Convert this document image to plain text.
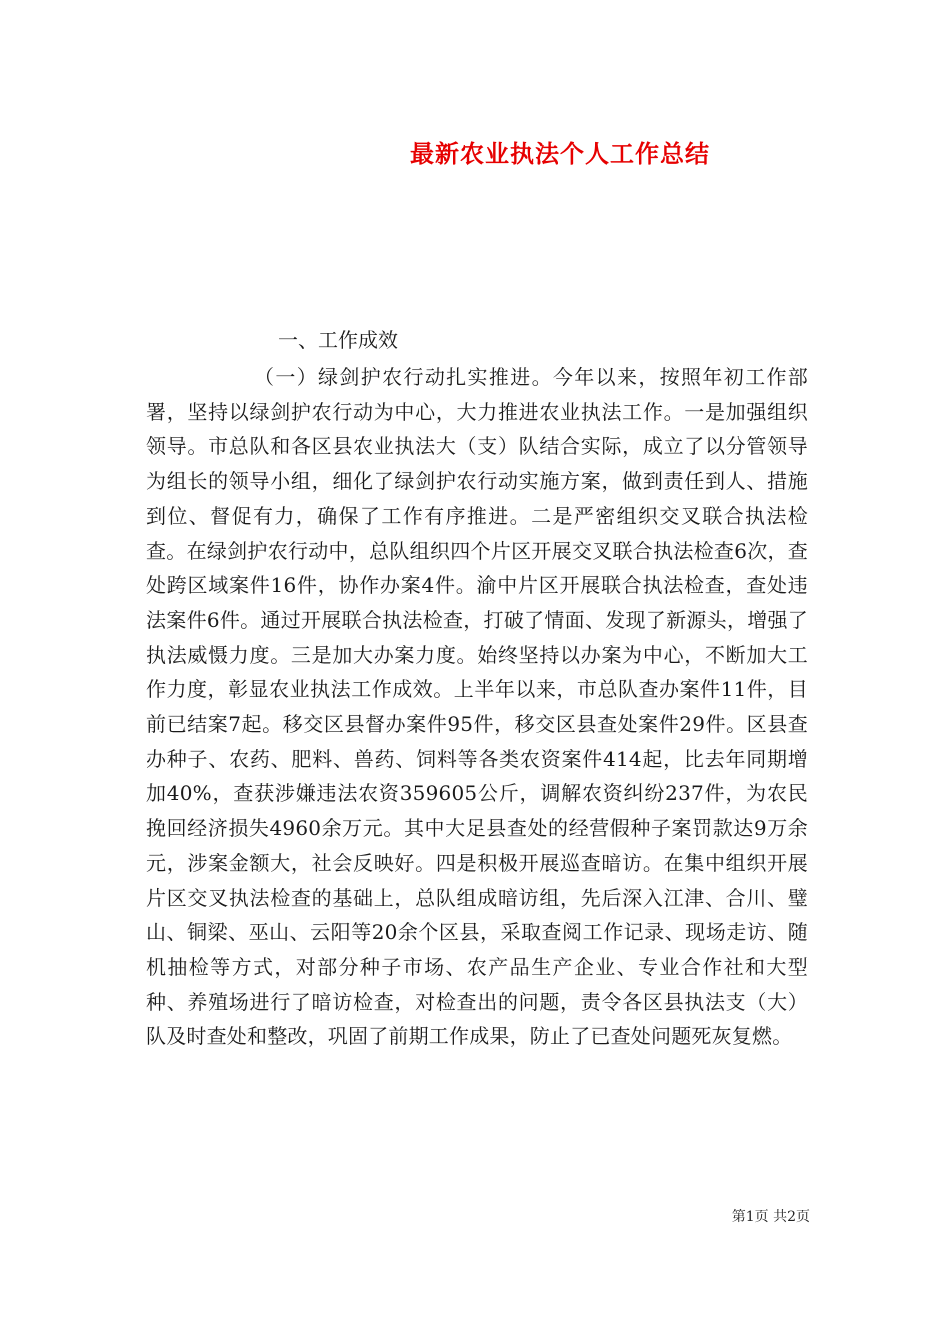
最新农业执法个人工作总结
一、工作成效

（一）绿剑护农行动扎实推进。今年以来，按照年初工作部署，坚持以绿剑护农行动为中心，大力推进农业执法工作。一是加强组织领导。市总队和各区县农业执法大（支）队结合实际，成立了以分管领导为组长的领导小组，细化了绿剑护农行动实施方案，做到责任到人、措施到位、督促有力，确保了工作有序推进。二是严密组织交叉联合执法检查。在绿剑护农行动中，总队组织四个片区开展交叉联合执法检查6次，查处跨区域案件16件，协作办案4件。渝中片区开展联合执法检查，查处违法案件6件。通过开展联合执法检查，打破了情面、发现了新源头，增强了执法威慑力度。三是加大办案力度。始终坚持以办案为中心，不断加大工作力度，彰显农业执法工作成效。上半年以来，市总队查办案件11件，目前已结案7起。移交区县督办案件95件，移交区县查处案件29件。区县查办种子、农药、肥料、兽药、饲料等各类农资案件414起，比去年同期增加40%，查获涉嫌违法农资359605公斤，调解农资纠纷237件，为农民挽回经济损失4960余万元。其中大足县查处的经营假种子案罚款达9万余元，涉案金额大，社会反映好。四是积极开展巡查暗访。在集中组织开展片区交叉执法检查的基础上，总队组成暗访组，先后深入江津、合川、璧山、铜梁、巫山、云阳等20余个区县，采取查阅工作记录、现场走访、随机抽检等方式，对部分种子市场、农产品生产企业、专业合作社和大型种、养殖场进行了暗访检查，对检查出的问题，责令各区县执法支（大）队及时查处和整改，巩固了前期工作成果，防止了已查处问题死灰复燃。

第1页 共2页
